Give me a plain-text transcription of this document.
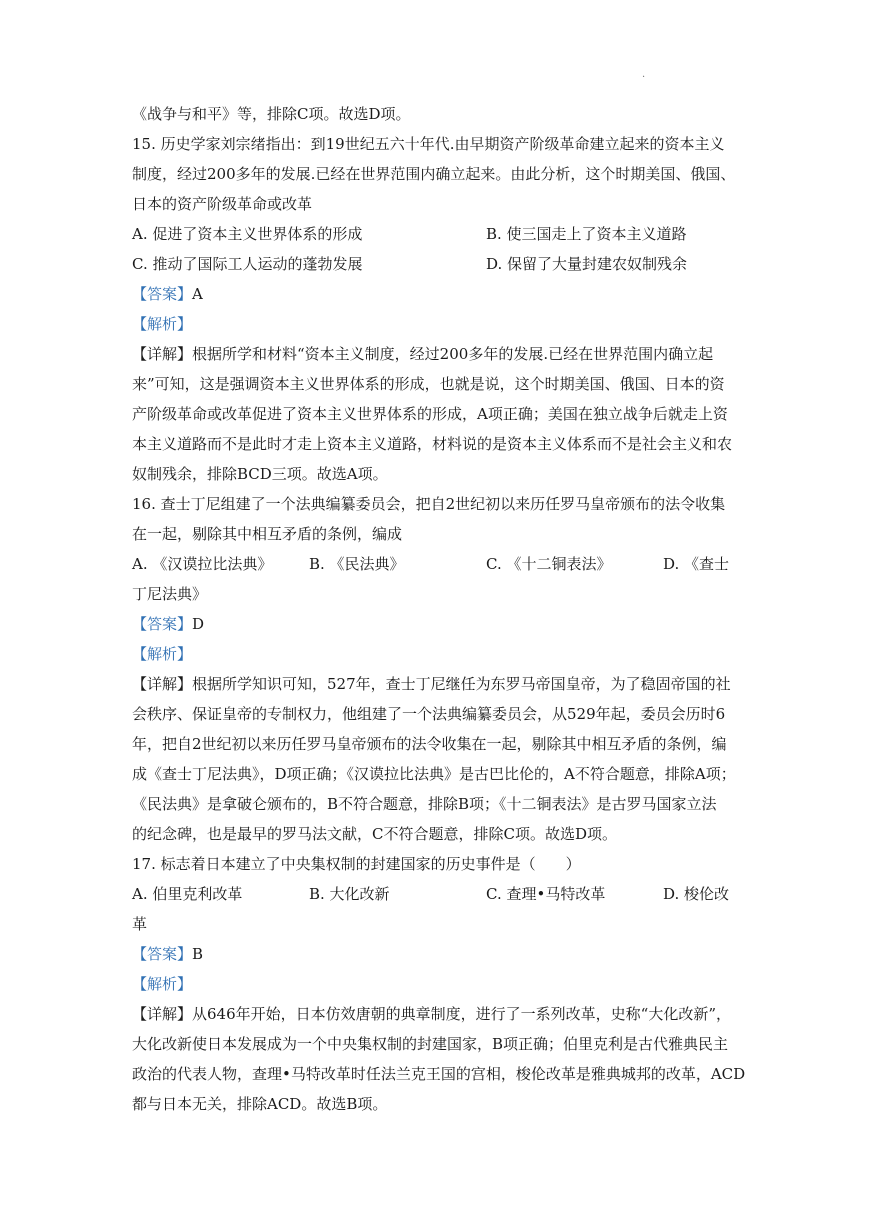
·
《战争与和平》等，排除C项。故选D项。
15. 历史学家刘宗绪指出：到19世纪五六十年代.由早期资产阶级革命建立起来的资本主义
制度，经过200多年的发展.已经在世界范围内确立起来。由此分析，这个时期美国、俄国、
日本的资产阶级革命或改革
A. 促进了资本主义世界体系的形成	B. 使三国走上了资本主义道路
C. 推动了国际工人运动的蓬勃发展	D. 保留了大量封建农奴制残余
【答案】A
【解析】
【详解】根据所学和材料“资本主义制度，经过200多年的发展.已经在世界范围内确立起
来”可知，这是强调资本主义世界体系的形成，也就是说，这个时期美国、俄国、日本的资
产阶级革命或改革促进了资本主义世界体系的形成，A项正确；美国在独立战争后就走上资
本主义道路而不是此时才走上资本主义道路，材料说的是资本主义体系而不是社会主义和农
奴制残余，排除BCD三项。故选A项。
16. 查士丁尼组建了一个法典编纂委员会，把自2世纪初以来历任罗马皇帝颁布的法令收集
在一起，剔除其中相互矛盾的条例，编成
A. 《汉谟拉比法典》 B. 《民法典》	C. 《十二铜表法》	D. 《查士
丁尼法典》
【答案】D
【解析】
【详解】根据所学知识可知，527年，查士丁尼继任为东罗马帝国皇帝，为了稳固帝国的社
会秩序、保证皇帝的专制权力，他组建了一个法典编纂委员会，从529年起，委员会历时6
年，把自2世纪初以来历任罗马皇帝颁布的法令收集在一起，剔除其中相互矛盾的条例，编
成《查士丁尼法典》，D项正确；《汉谟拉比法典》是古巴比伦的，A不符合题意，排除A项；
《民法典》是拿破仑颁布的，B不符合题意，排除B项；《十二铜表法》是古罗马国家立法
的纪念碑，也是最早的罗马法文献，C不符合题意，排除C项。故选D项。
17. 标志着日本建立了中央集权制的封建国家的历史事件是（　　）
A. 伯里克利改革	B. 大化改新	C. 查理•马特改革	D. 梭伦改
革
【答案】B
【解析】
【详解】从646年开始，日本仿效唐朝的典章制度，进行了一系列改革，史称“大化改新”，
大化改新使日本发展成为一个中央集权制的封建国家，B项正确；伯里克利是古代雅典民主
政治的代表人物，查理•马特改革时任法兰克王国的宫相，梭伦改革是雅典城邦的改革，ACD
都与日本无关，排除ACD。故选B项。
